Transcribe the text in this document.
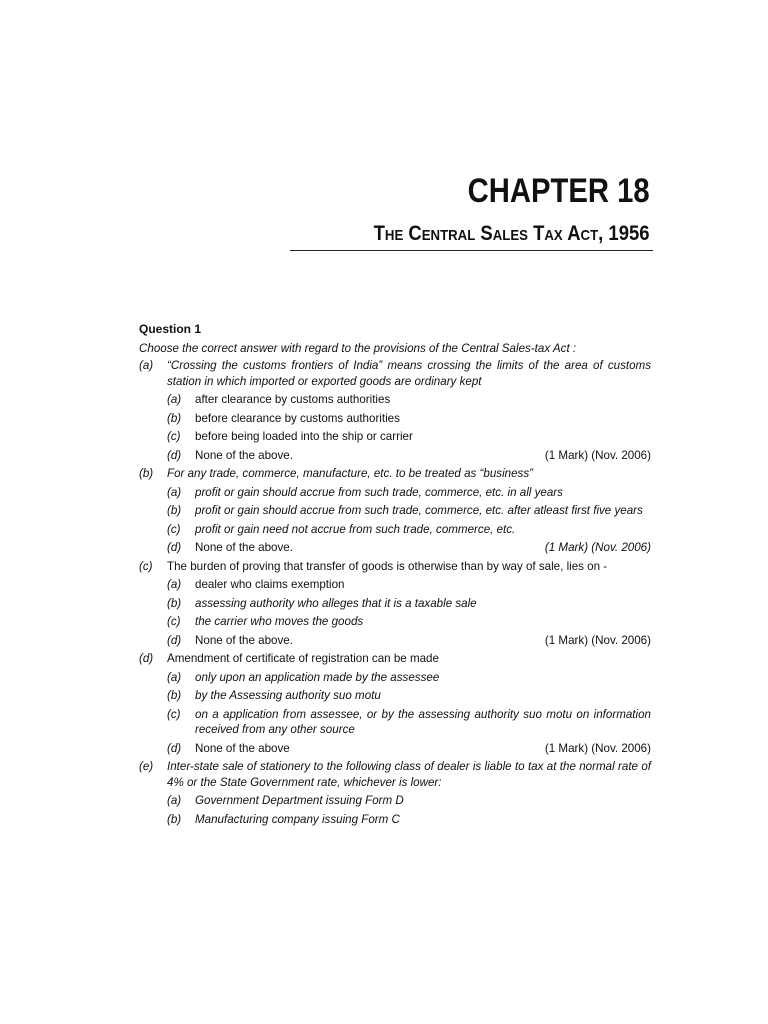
CHAPTER 18
THE CENTRAL SALES TAX ACT, 1956
Question 1
Choose the correct answer with regard to the provisions of the Central Sales-tax Act :
(a)	“Crossing the customs frontiers of India” means crossing the limits of the area of customs station in which imported or exported goods are ordinary kept
(a)	after clearance by customs authorities
(b)	before clearance by customs authorities
(c)	before being loaded into the ship or carrier
(d)	None of the above.	(1 Mark) (Nov. 2006)
(b)	For any trade, commerce, manufacture, etc. to be treated as “business”
(a)	profit or gain should accrue from such trade, commerce, etc. in all years
(b)	profit or gain should accrue from such trade, commerce, etc. after atleast first five years
(c)	profit or gain need not accrue from such trade, commerce, etc.
(d)	None of the above.	(1 Mark) (Nov. 2006)
(c)	The burden of proving that transfer of goods is otherwise than by way of sale, lies on -
(a)	dealer who claims exemption
(b)	assessing authority who alleges that it is a taxable sale
(c)	the carrier who moves the goods
(d)	None of the above.	(1 Mark) (Nov. 2006)
(d)	Amendment of certificate of registration can be made
(a)	only upon an application made by the assessee
(b)	by the Assessing authority suo motu
(c)	on a application from assessee, or by the assessing authority suo motu on information received from any other source
(d)	None of the above	(1 Mark) (Nov. 2006)
(e)	Inter-state sale of stationery to the following class of dealer is liable to tax at the normal rate of 4% or the State Government rate, whichever is lower:
(a)	Government Department issuing Form D
(b)	Manufacturing company issuing Form C
